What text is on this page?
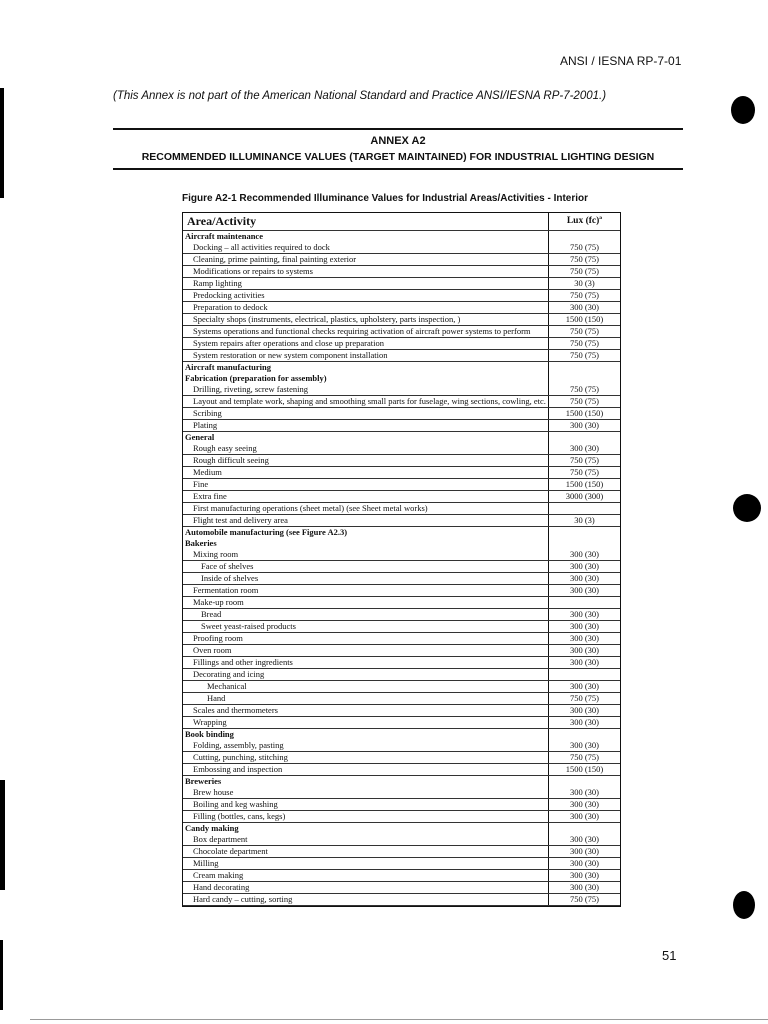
ANSI / IESNA RP-7-01
(This Annex is not part of the American National Standard and Practice ANSI/IESNA RP-7-2001.)
ANNEX A2
RECOMMENDED ILLUMINANCE VALUES (TARGET MAINTAINED) FOR INDUSTRIAL LIGHTING DESIGN
Figure A2-1 Recommended Illuminance Values for Industrial Areas/Activities - Interior
Area/Activity	Lux (fc)ª
Aircraft maintenance	
Docking – all activities required to dock	750 (75)
Cleaning, prime painting, final painting exterior	750 (75)
Modifications or repairs to systems	750 (75)
Ramp lighting	30 (3)
Predocking activities	750 (75)
Preparation to dedock	300 (30)
Specialty shops (instruments, electrical, plastics, upholstery, parts inspection, )	1500 (150)
Systems operations and functional checks requiring activation of aircraft power systems to perform	750 (75)
System repairs after operations and close up preparation	750 (75)
System restoration or new system component installation	750 (75)
Aircraft manufacturing	
Fabrication (preparation for assembly)	
Drilling, riveting, screw fastening	750 (75)
Layout and template work, shaping and smoothing small parts for fuselage, wing sections, cowling, etc.	750 (75)
Scribing	1500 (150)
Plating	300 (30)
General	
Rough easy seeing	300 (30)
Rough difficult seeing	750 (75)
Medium	750 (75)
Fine	1500 (150)
Extra fine	3000 (300)
First manufacturing operations (sheet metal) (see Sheet metal works)	
Flight test and delivery area	30 (3)
Automobile manufacturing (see Figure A2.3)	
Bakeries	
Mixing room	300 (30)
Face of shelves	300 (30)
Inside of shelves	300 (30)
Fermentation room	300 (30)
Make-up room	
Bread	300 (30)
Sweet yeast-raised products	300 (30)
Proofing room	300 (30)
Oven room	300 (30)
Fillings and other ingredients	300 (30)
Decorating and icing	
Mechanical	300 (30)
Hand	750 (75)
Scales and thermometers	300 (30)
Wrapping	300 (30)
Book binding	
Folding, assembly, pasting	300 (30)
Cutting, punching, stitching	750 (75)
Embossing and inspection	1500 (150)
Breweries	
Brew house	300 (30)
Boiling and keg washing	300 (30)
Filling (bottles, cans, kegs)	300 (30)
Candy making	
Box department	300 (30)
Chocolate department	300 (30)
Milling	300 (30)
Cream making	300 (30)
Hand decorating	300 (30)
Hard candy – cutting, sorting	750 (75)
51
